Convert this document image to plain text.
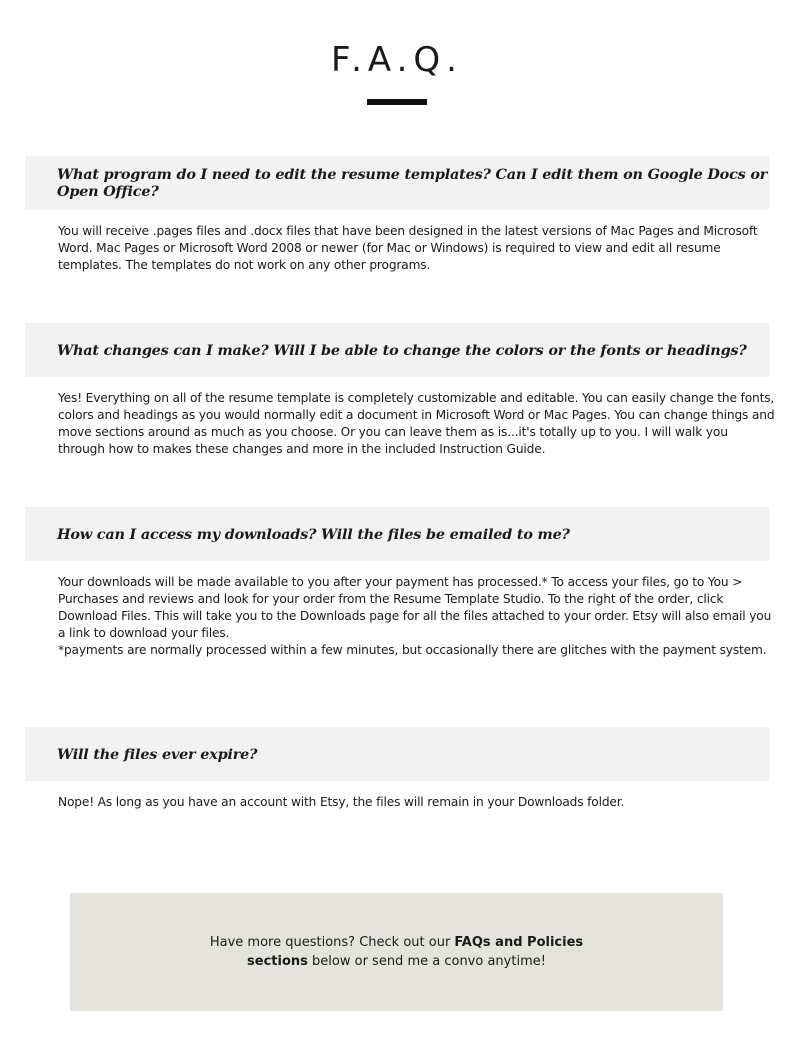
F.A.Q.
What program do I need to edit the resume templates? Can I edit them on Google Docs or Open Office?

You will receive .pages files and .docx files that have been designed in the latest versions of Mac Pages and Microsoft Word. Mac Pages or Microsoft Word 2008 or newer (for Mac or Windows) is required to view and edit all resume templates. The templates do not work on any other programs.

What changes can I make? Will I be able to change the colors or the fonts or headings?

Yes! Everything on all of the resume template is completely customizable and editable. You can easily change the fonts, colors and headings as you would normally edit a document in Microsoft Word or Mac Pages. You can change things and move sections around as much as you choose. Or you can leave them as is...it's totally up to you. I will walk you through how to makes these changes and more in the included Instruction Guide.

How can I access my downloads? Will the files be emailed to me?

Your downloads will be made available to you after your payment has processed.* To access your files, go to You > Purchases and reviews and look for your order from the Resume Template Studio. To the right of the order, click Download Files. This will take you to the Downloads page for all the files attached to your order. Etsy will also email you a link to download your files.

*payments are normally processed within a few minutes, but occasionally there are glitches with the payment system.

Will the files ever expire?

Nope! As long as you have an account with Etsy, the files will remain in your Downloads folder.

Have more questions? Check out our FAQs and Policies sections below or send me a convo anytime!
